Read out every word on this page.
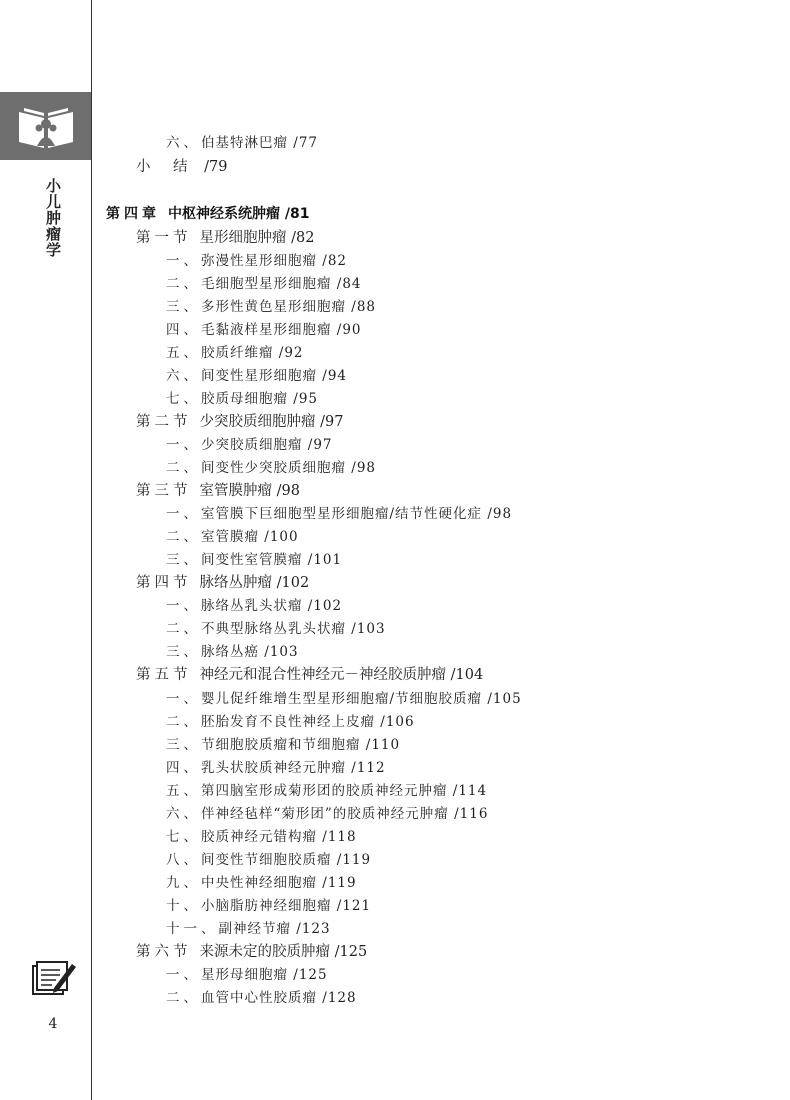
小儿肿瘤学
4
六、伯基特淋巴瘤 /77
小　结 /79
第四章 中枢神经系统肿瘤 /81
第一节 星形细胞肿瘤 /82
一、弥漫性星形细胞瘤 /82
二、毛细胞型星形细胞瘤 /84
三、多形性黄色星形细胞瘤 /88
四、毛黏液样星形细胞瘤 /90
五、胶质纤维瘤 /92
六、间变性星形细胞瘤 /94
七、胶质母细胞瘤 /95
第二节 少突胶质细胞肿瘤 /97
一、少突胶质细胞瘤 /97
二、间变性少突胶质细胞瘤 /98
第三节 室管膜肿瘤 /98
一、室管膜下巨细胞型星形细胞瘤/结节性硬化症 /98
二、室管膜瘤 /100
三、间变性室管膜瘤 /101
第四节 脉络丛肿瘤 /102
一、脉络丛乳头状瘤 /102
二、不典型脉络丛乳头状瘤 /103
三、脉络丛癌 /103
第五节 神经元和混合性神经元－神经胶质肿瘤 /104
一、婴儿促纤维增生型星形细胞瘤/节细胞胶质瘤 /105
二、胚胎发育不良性神经上皮瘤 /106
三、节细胞胶质瘤和节细胞瘤 /110
四、乳头状胶质神经元肿瘤 /112
五、第四脑室形成菊形团的胶质神经元肿瘤 /114
六、伴神经毡样“菊形团”的胶质神经元肿瘤 /116
七、胶质神经元错构瘤 /118
八、间变性节细胞胶质瘤 /119
九、中央性神经细胞瘤 /119
十、小脑脂肪神经细胞瘤 /121
十一、副神经节瘤 /123
第六节 来源未定的胶质肿瘤 /125
一、星形母细胞瘤 /125
二、血管中心性胶质瘤 /128
